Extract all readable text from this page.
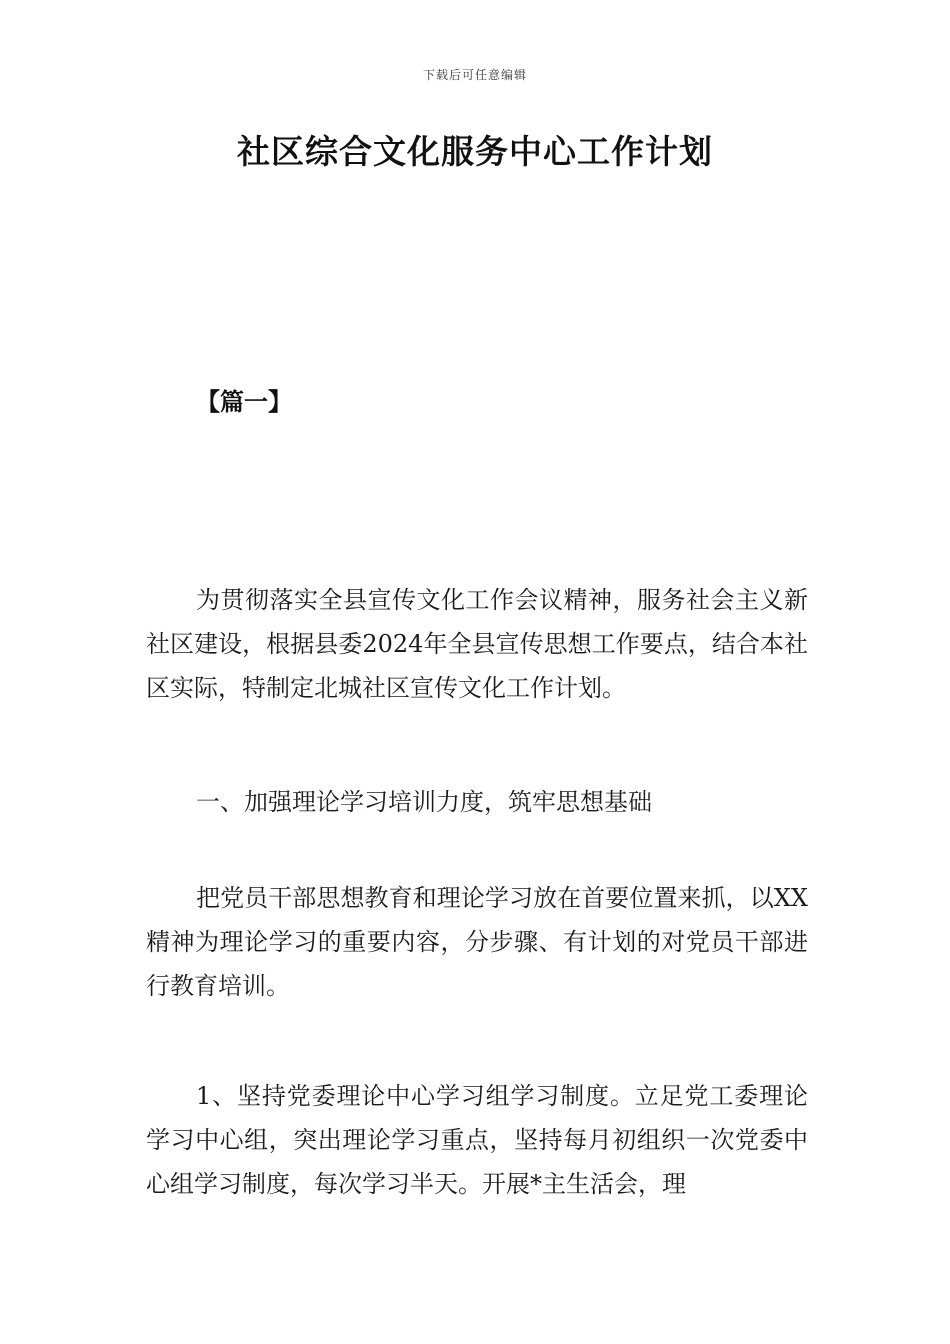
下载后可任意编辑
社区综合文化服务中心工作计划
【篇一】

为贯彻落实全县宣传文化工作会议精神，服务社会主义新社区建设，根据县委2024年全县宣传思想工作要点，结合本社区实际，特制定北城社区宣传文化工作计划。

一、加强理论学习培训力度，筑牢思想基础

把党员干部思想教育和理论学习放在首要位置来抓，以XX精神为理论学习的重要内容，分步骤、有计划的对党员干部进行教育培训。

1、坚持党委理论中心学习组学习制度。立足党工委理论学习中心组，突出理论学习重点，坚持每月初组织一次党委中心组学习制度，每次学习半天。开展*主生活会，理
